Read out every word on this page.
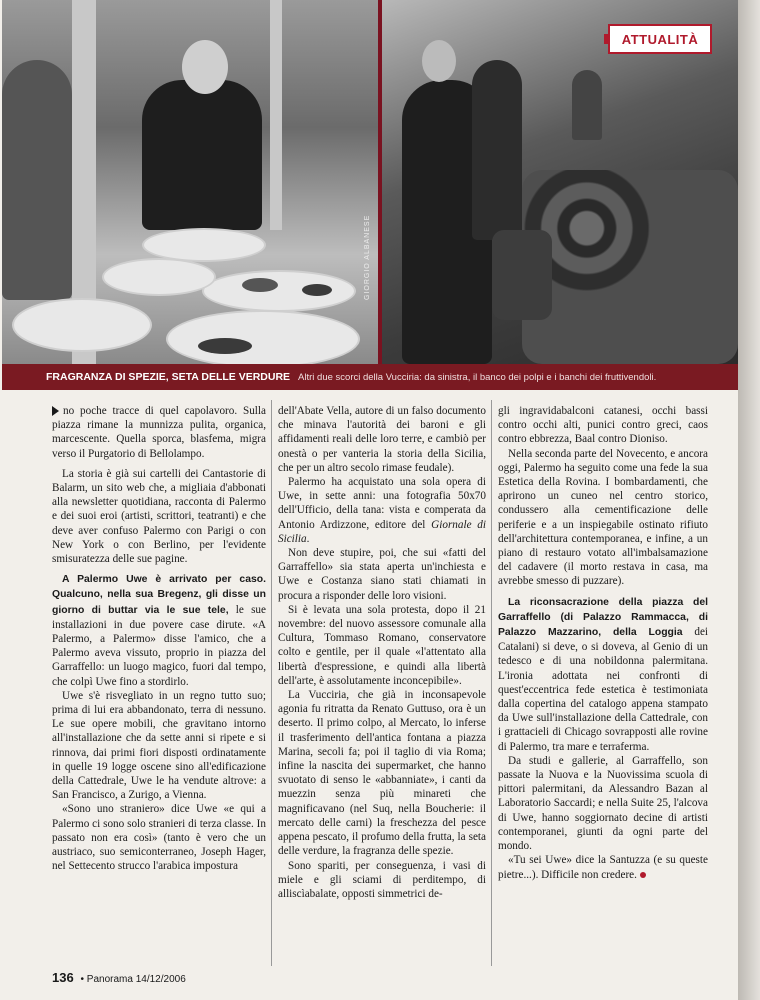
GIORGIO ALBANESE
ATTUALITÀ
FRAGRANZA DI SPEZIE, SETA DELLE VERDURE Altri due scorci della Vucciria: da sinistra, il banco dei polpi e i banchi dei fruttivendoli.

no poche tracce di quel capolavoro. Sulla piazza rimane la munnizza pulita, organica, marcescente. Quella sporca, blasfema, migra verso il Purgatorio di Bellolampo.

La storia è già sui cartelli dei Cantastorie di Balarm, un sito web che, a migliaia d'abbonati alla newsletter quotidiana, racconta di Palermo e dei suoi eroi (artisti, scrittori, teatranti) e che deve aver confuso Palermo con Parigi o con New York o con Berlino, per l'evidente smisuratezza delle sue pagine.

A Palermo Uwe è arrivato per caso. Qualcuno, nella sua Bregenz, gli disse un giorno di buttar via le sue tele, le sue installazioni in due povere case dirute. «A Palermo, a Palermo» disse l'amico, che a Palermo aveva vissuto, proprio in piazza del Garraffello: un luogo magico, fuori dal tempo, che colpì Uwe fino a stordirlo.

Uwe s'è risvegliato in un regno tutto suo; prima di lui era abbandonato, terra di nessuno. Le sue opere mobili, che gravitano intorno all'installazione che da sette anni si ripete e si rinnova, dai primi fiori disposti ordinatamente in quelle 19 logge oscene sino all'edificazione della Cattedrale, Uwe le ha vendute altrove: a San Francisco, a Zurigo, a Vienna.

«Sono uno straniero» dice Uwe «e qui a Palermo ci sono solo stranieri di terza classe. In passato non era così» (tanto è vero che un austriaco, suo semiconterraneo, Joseph Hager, nel Settecento strucco l'arabica impostura

dell'Abate Vella, autore di un falso documento che minava l'autorità dei baroni e gli affidamenti reali delle loro terre, e cambiò per onestà o per vanteria la storia della Sicilia, che per un altro secolo rimase feudale).

Palermo ha acquistato una sola opera di Uwe, in sette anni: una fotografia 50x70 dell'Ufficio, della tana: vista e comperata da Antonio Ardizzone, editore del Giornale di Sicilia.

Non deve stupire, poi, che sui «fatti del Garraffello» sia stata aperta un'inchiesta e Uwe e Costanza siano stati chiamati in procura a risponder delle loro visioni.

Si è levata una sola protesta, dopo il 21 novembre: del nuovo assessore comunale alla Cultura, Tommaso Romano, conservatore colto e gentile, per il quale «l'attentato alla libertà d'espressione, e quindi alla libertà dell'arte, è assolutamente inconcepibile».

La Vucciria, che già in inconsapevole agonia fu ritratta da Renato Guttuso, ora è un deserto. Il primo colpo, al Mercato, lo inferse il trasferimento dell'antica fontana a piazza Marina, secoli fa; poi il taglio di via Roma; infine la nascita dei supermarket, che hanno svuotato di senso le «abbanniate», i canti da muezzin senza più minareti che magnificavano (nel Suq, nella Boucherie: il mercato delle carni) la freschezza del pesce appena pescato, il profumo della frutta, la seta delle verdure, la fragranza delle spezie.

Sono spariti, per conseguenza, i vasi di miele e gli sciami di perditempo, di alliscìabalate, opposti simmetrici de-

gli ingravidabalconi catanesi, occhi bassi contro occhi alti, punici contro greci, caos contro ebbrezza, Baal contro Dioniso.

Nella seconda parte del Novecento, e ancora oggi, Palermo ha seguito come una fede la sua Estetica della Rovina. I bombardamenti, che aprirono un cuneo nel centro storico, condussero alla cementificazione delle periferie e a un inspiegabile ostinato rifiuto dell'architettura contemporanea, e infine, a un piano di restauro votato all'imbalsamazione del cadavere (il morto restava in casa, ma avrebbe smesso di puzzare).

La riconsacrazione della piazza del Garraffello (di Palazzo Rammacca, di Palazzo Mazzarino, della Loggia dei Catalani) si deve, o si doveva, al Genio di un tedesco e di una nobildonna palermitana. L'ironia adottata nei confronti di quest'eccentrica fede estetica è testimoniata dalla copertina del catalogo appena stampato da Uwe sull'installazione della Cattedrale, con i grattacieli di Chicago sovrapposti alle rovine di Palermo, tra mare e terraferma.

Da studi e gallerie, al Garraffello, son passate la Nuova e la Nuovissima scuola di pittori palermitani, da Alessandro Bazan al Laboratorio Saccardi; e nella Suite 25, l'alcova di Uwe, hanno soggiornato decine di artisti contemporanei, giunti da ogni parte del mondo.

«Tu sei Uwe» dice la Santuzza (e su queste pietre...). Difficile non credere.

136 • Panorama 14/12/2006
